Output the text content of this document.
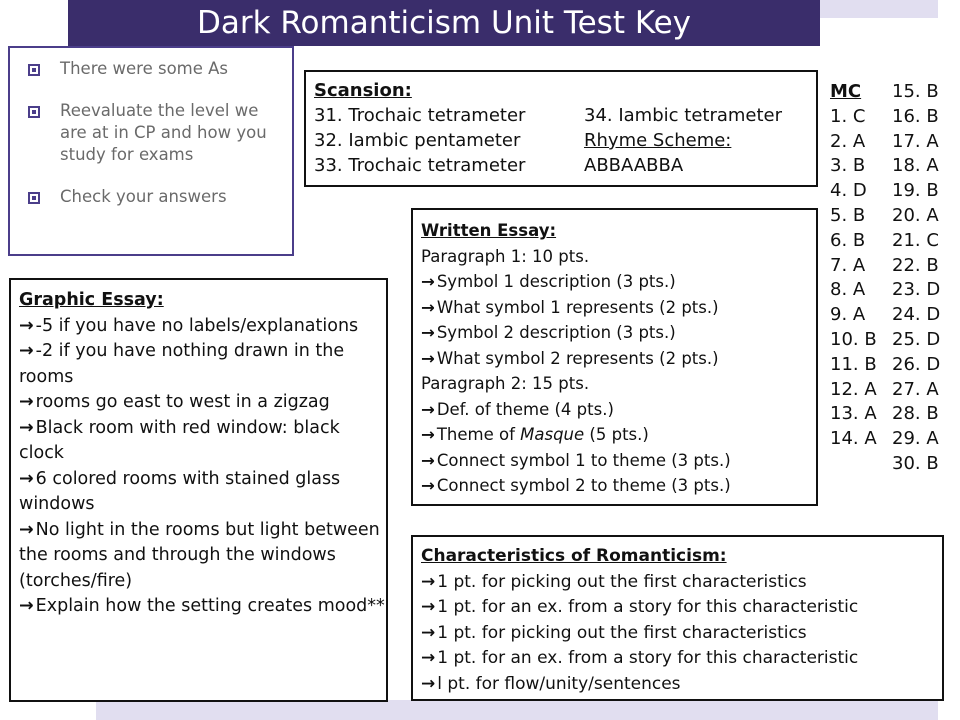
Dark Romanticism Unit Test Key
There were some As
Reevaluate the level we are at in CP and how you study for exams
Check your answers
Scansion:
31. Trochaic tetrameter	34. Iambic tetrameter
32. Iambic pentameter	Rhyme Scheme:
33. Trochaic tetrameter	ABBAABBA
MC
1. C
2. A
3. B
4. D
5. B
6. B
7. A
8. A
9. A
10. B
11. B
12. A
13. A
14. A
15. B
16. B
17. A
18. A
19. B
20. A
21. C
22. B
23. D
24. D
25. D
26. D
27. A
28. B
29. A
30. B
Written Essay:
Paragraph 1: 10 pts.
→ Symbol 1 description (3 pts.)
→ What symbol 1 represents (2 pts.)
→ Symbol 2 description (3 pts.)
→ What symbol 2 represents (2 pts.)
Paragraph 2: 15 pts.
→ Def. of theme (4 pts.)
→ Theme of Masque (5 pts.)
→ Connect symbol 1 to theme (3 pts.)
→ Connect symbol 2 to theme (3 pts.)
Graphic Essay:
→ -5 if you have no labels/explanations
→ -2 if you have nothing drawn in the rooms
→ rooms go east to west in a zigzag
→ Black room with red window: black clock
→ 6 colored rooms with stained glass windows
→ No light in the rooms but light between the rooms and through the windows (torches/fire)
→ Explain how the setting creates mood**
Characteristics of Romanticism:
→ 1 pt. for picking out the first characteristics
→ 1 pt. for an ex. from a story for this characteristic
→ 1 pt. for picking out the first characteristics
→ 1 pt. for an ex. from a story for this characteristic
→ l pt. for flow/unity/sentences
